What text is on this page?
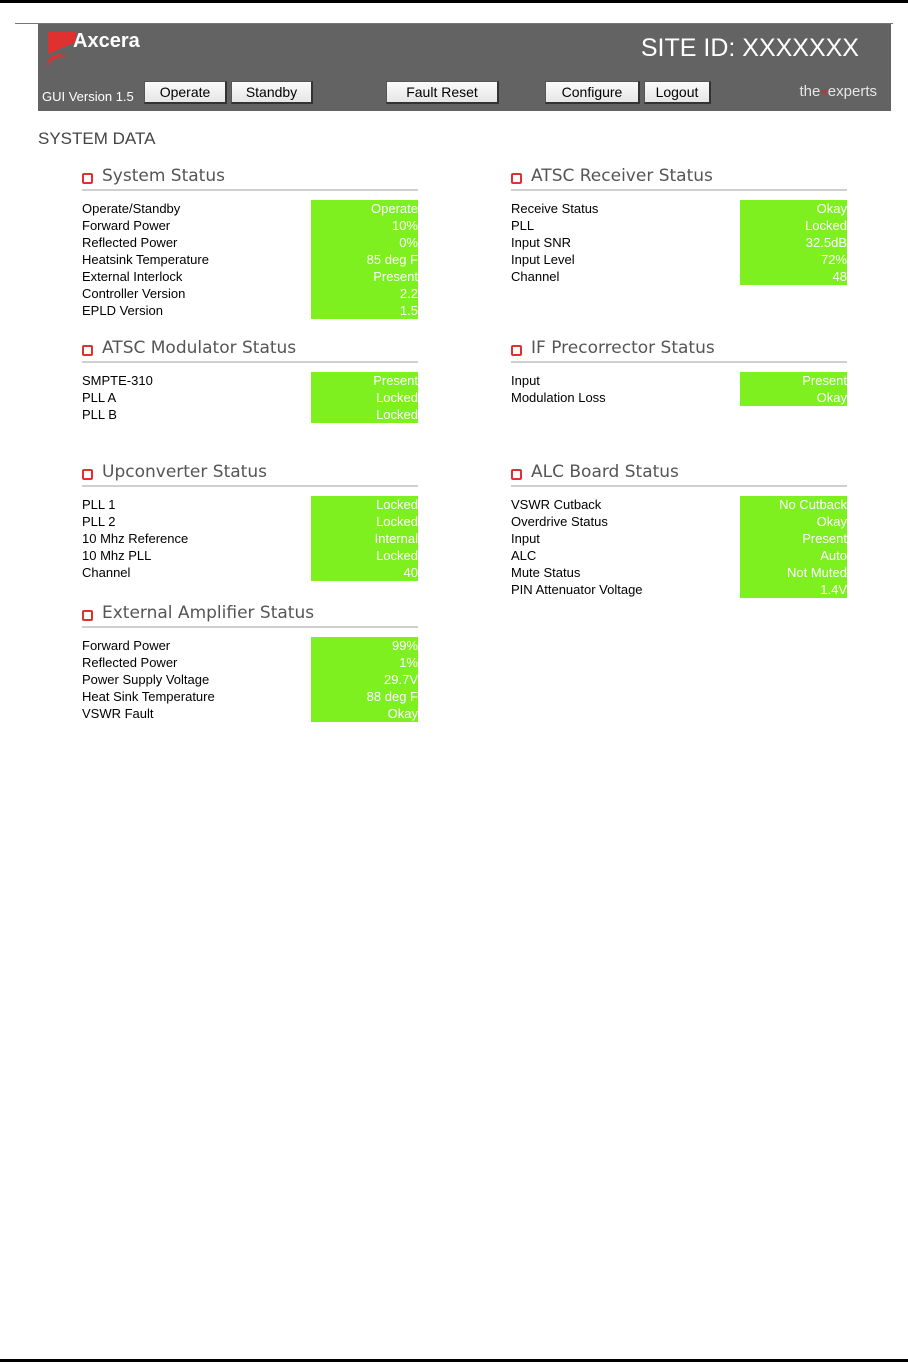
Axcera	SITE ID: XXXXXXX
GUI Version 1.5	Operate	Standby	Fault Reset	Configure	Logout	therfexperts
SYSTEM DATA
System Status
Operate/Standby	Operate
Forward Power	10%
Reflected Power	0%
Heatsink Temperature	85 deg F
External Interlock	Present
Controller Version	2.2
EPLD Version	1.5
ATSC Modulator Status
SMPTE-310	Present
PLL A	Locked
PLL B	Locked
Upconverter Status
PLL 1	Locked
PLL 2	Locked
10 Mhz Reference	Internal
10 Mhz PLL	Locked
Channel	40
External Amplifier Status
Forward Power	99%
Reflected Power	1%
Power Supply Voltage	29.7V
Heat Sink Temperature	88 deg F
VSWR Fault	Okay
ATSC Receiver Status
Receive Status	Okay
PLL	Locked
Input SNR	32.5dB
Input Level	72%
Channel	48
IF Precorrector Status
Input	Present
Modulation Loss	Okay
ALC Board Status
VSWR Cutback	No Cutback
Overdrive Status	Okay
Input	Present
ALC	Auto
Mute Status	Not Muted
PIN Attenuator Voltage	1.4V
